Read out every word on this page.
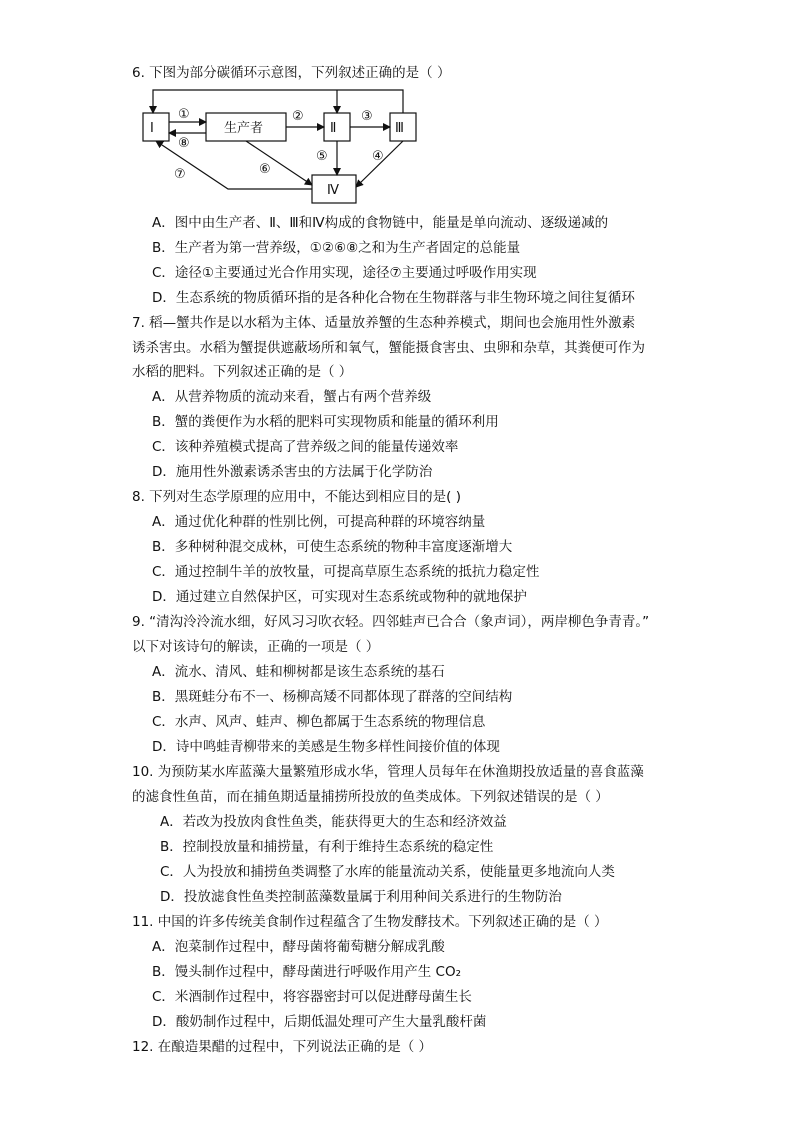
6. 下图为部分碳循环示意图，下列叙述正确的是（ ）
Ⅰ	生产者	Ⅱ	Ⅲ
Ⅳ
①
⑧
②	③
⑤	④
⑥
⑦
A．图中由生产者、Ⅱ、Ⅲ和Ⅳ构成的食物链中，能量是单向流动、逐级递减的
B．生产者为第一营养级，①②⑥⑧之和为生产者固定的总能量
C．途径①主要通过光合作用实现，途径⑦主要通过呼吸作用实现
D．生态系统的物质循环指的是各种化合物在生物群落与非生物环境之间往复循环
7. 稻—蟹共作是以水稻为主体、适量放养蟹的生态种养模式，期间也会施用性外激素
诱杀害虫。水稻为蟹提供遮蔽场所和氧气，蟹能摄食害虫、虫卵和杂草，其粪便可作为
水稻的肥料。下列叙述正确的是（ ）
A．从营养物质的流动来看，蟹占有两个营养级
B．蟹的粪便作为水稻的肥料可实现物质和能量的循环利用
C．该种养殖模式提高了营养级之间的能量传递效率
D．施用性外激素诱杀害虫的方法属于化学防治
8. 下列对生态学原理的应用中，不能达到相应目的是( )
A．通过优化种群的性别比例，可提高种群的环境容纳量
B．多种树种混交成林，可使生态系统的物种丰富度逐渐增大
C．通过控制牛羊的放牧量，可提高草原生态系统的抵抗力稳定性
D．通过建立自然保护区，可实现对生态系统或物种的就地保护
9. “清沟泠泠流水细，好风习习吹衣轻。四邻蛙声已合合（象声词），两岸柳色争青青。”
以下对该诗句的解读，正确的一项是（ ）
A．流水、清风、蛙和柳树都是该生态系统的基石
B．黑斑蛙分布不一、杨柳高矮不同都体现了群落的空间结构
C．水声、风声、蛙声、柳色都属于生态系统的物理信息
D．诗中鸣蛙青柳带来的美感是生物多样性间接价值的体现
10. 为预防某水库蓝藻大量繁殖形成水华，管理人员每年在休渔期投放适量的喜食蓝藻
的滤食性鱼苗，而在捕鱼期适量捕捞所投放的鱼类成体。下列叙述错误的是（ ）
A．若改为投放肉食性鱼类，能获得更大的生态和经济效益
B．控制投放量和捕捞量，有利于维持生态系统的稳定性
C．人为投放和捕捞鱼类调整了水库的能量流动关系，使能量更多地流向人类
D．投放滤食性鱼类控制蓝藻数量属于利用种间关系进行的生物防治
11. 中国的许多传统美食制作过程蕴含了生物发酵技术。下列叙述正确的是（ ）
A．泡菜制作过程中，酵母菌将葡萄糖分解成乳酸
B．馒头制作过程中，酵母菌进行呼吸作用产生 CO₂
C．米酒制作过程中，将容器密封可以促进酵母菌生长
D．酸奶制作过程中，后期低温处理可产生大量乳酸杆菌
12. 在酿造果醋的过程中，下列说法正确的是（ ）
